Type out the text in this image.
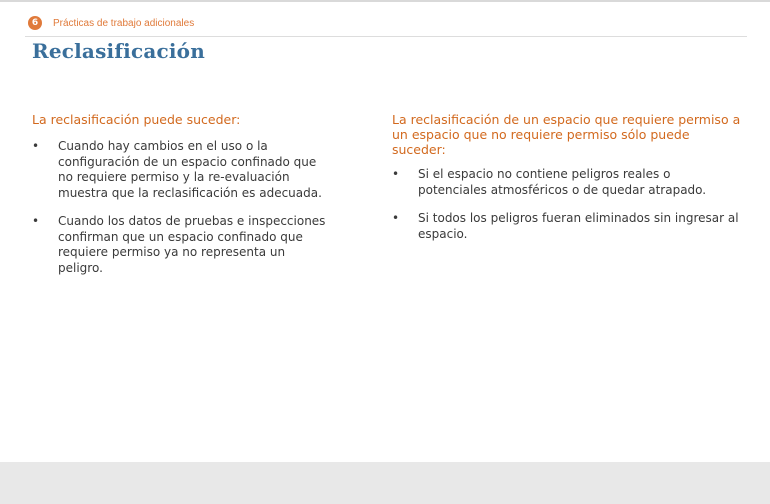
6	Prácticas de trabajo adicionales
Reclasificación

La reclasificación puede suceder:

•	Cuando hay cambios en el uso o la configuración de un espacio confinado que no requiere permiso y la re-evaluación muestra que la reclasificación es adecuada.
•	Cuando los datos de pruebas e inspecciones confirman que un espacio confinado que requiere permiso ya no representa un peligro.

La reclasificación de un espacio que requiere permiso a un espacio que no requiere permiso sólo puede suceder:

•	Si el espacio no contiene peligros reales o potenciales atmosféricos o de quedar atrapado.
•	Si todos los peligros fueran eliminados sin ingresar al espacio.
